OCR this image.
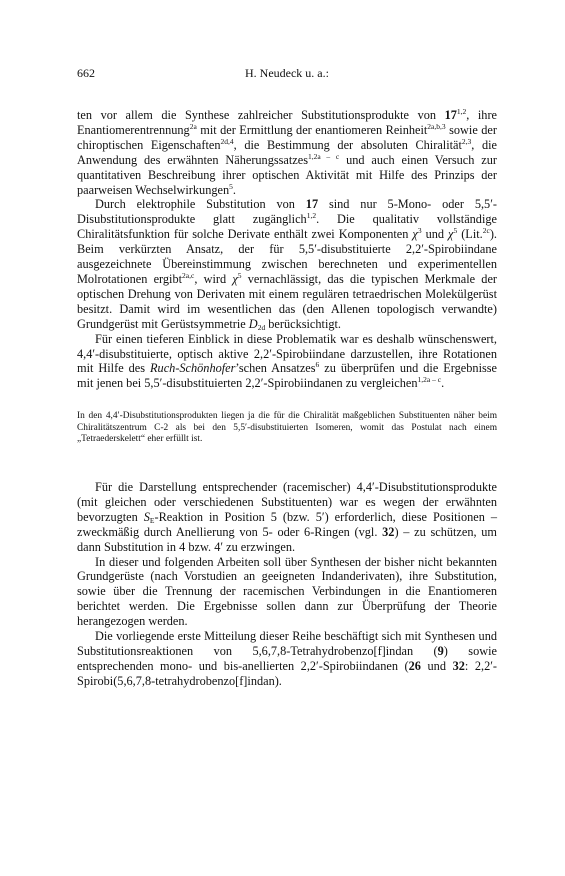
662	H. Neudeck u. a.:

ten vor allem die Synthese zahlreicher Substitutionsprodukte von 17$^{1,2}$, ihre Enantiomerentrennung$^{2a}$ mit der Ermittlung der enantiomeren Reinheit$^{2a,b,3}$ sowie der chiroptischen Eigenschaften$^{2d,4}$, die Bestimmung der absoluten Chiralität$^{2,3}$, die Anwendung des erwähnten Näherungssatzes$^{1,2a - c}$ und auch einen Versuch zur quantitativen Beschreibung ihrer optischen Aktivität mit Hilfe des Prinzips der paarweisen Wechselwirkungen$^5$.

Durch elektrophile Substitution von 17 sind nur 5-Mono- oder 5,5′-Disubstitutionsprodukte glatt zugänglich$^{1,2}$. Die qualitativ vollständige Chiralitätsfunktion für solche Derivate enthält zwei Komponenten $\chi^3$ und $\chi^5$ (Lit.$^{2c}$). Beim verkürzten Ansatz, der für 5,5′-disubstituierte 2,2′-Spirobiindane ausgezeichnete Übereinstimmung zwischen berechneten und experimentellen Molrotationen ergibt$^{2a,c}$, wird $\chi^5$ vernachlässigt, das die typischen Merkmale der optischen Drehung von Derivaten mit einem regulären tetraedrischen Molekülgerüst besitzt. Damit wird im wesentlichen das (den Allenen topologisch verwandte) Grundgerüst mit Gerüstsymmetrie $D_{2d}$ berücksichtigt.

Für einen tieferen Einblick in diese Problematik war es deshalb wünschenswert, 4,4′-disubstituierte, optisch aktive 2,2′-Spirobiindane darzustellen, ihre Rotationen mit Hilfe des Ruch-Schönhofer’schen Ansatzes$^6$ zu überprüfen und die Ergebnisse mit jenen bei 5,5′-disubstituierten 2,2′-Spirobiindanen zu vergleichen$^{1,2a - c}$.

In den 4,4′-Disubstitutionsprodukten liegen ja die für die Chiralität maßgeblichen Substituenten näher beim Chiralitätszentrum C-2 als bei den 5,5′-disubstituierten Isomeren, womit das Postulat nach einem „Tetraederskelett“ eher erfüllt ist.

Für die Darstellung entsprechender (racemischer) 4,4′-Disubstitutionsprodukte (mit gleichen oder verschiedenen Substituenten) war es wegen der erwähnten bevorzugten $S_E$-Reaktion in Position 5 (bzw. 5′) erforderlich, diese Positionen – zweckmäßig durch Anellierung von 5- oder 6-Ringen (vgl. 32) – zu schützen, um dann Substitution in 4 bzw. 4′ zu erzwingen.

In dieser und folgenden Arbeiten soll über Synthesen der bisher nicht bekannten Grundgerüste (nach Vorstudien an geeigneten Indanderivaten), ihre Substitution, sowie über die Trennung der racemischen Verbindungen in die Enantiomeren berichtet werden. Die Ergebnisse sollen dann zur Überprüfung der Theorie herangezogen werden.

Die vorliegende erste Mitteilung dieser Reihe beschäftigt sich mit Synthesen und Substitutionsreaktionen von 5,6,7,8-Tetrahydrobenzo[f]indan (9) sowie entsprechenden mono- und bis-anellierten 2,2′-Spirobiindanen (26 und 32: 2,2′-Spirobi(5,6,7,8-tetrahydrobenzo[f]indan).
